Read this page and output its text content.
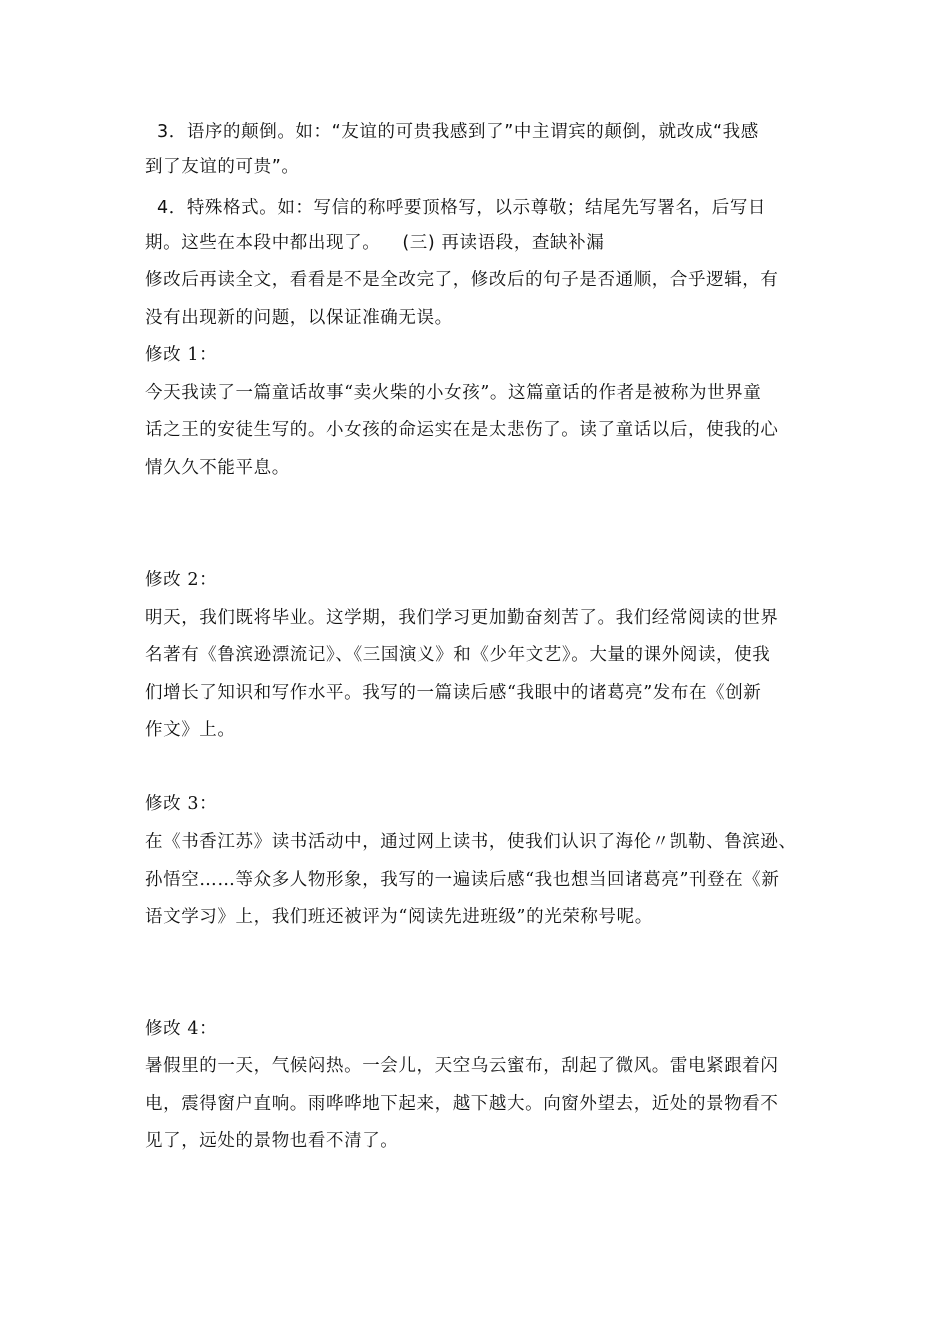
3．语序的颠倒。如：“友谊的可贵我感到了”中主谓宾的颠倒，就改成“我感
到了友谊的可贵”。
4．特殊格式。如：写信的称呼要顶格写，以示尊敬；结尾先写署名，后写日
期。这些在本段中都出现了。 (三) 再读语段，查缺补漏
修改后再读全文，看看是不是全改完了，修改后的句子是否通顺，合乎逻辑，有
没有出现新的问题，以保证准确无误。
修改 1：
今天我读了一篇童话故事“卖火柴的小女孩”。这篇童话的作者是被称为世界童
话之王的安徒生写的。小女孩的命运实在是太悲伤了。读了童话以后，使我的心
情久久不能平息。
修改 2：
明天，我们既将毕业。这学期，我们学习更加勤奋刻苦了。我们经常阅读的世界
名著有《鲁滨逊漂流记》、《三国演义》和《少年文艺》。大量的课外阅读，使我
们增长了知识和写作水平。我写的一篇读后感“我眼中的诸葛亮”发布在《创新
作文》上。
修改 3：
在《书香江苏》读书活动中，通过网上读书，使我们认识了海伦〃凯勒、鲁滨逊、
孙悟空……等众多人物形象，我写的一遍读后感“我也想当回诸葛亮”刊登在《新
语文学习》上，我们班还被评为“阅读先进班级”的光荣称号呢。
修改 4：
暑假里的一天，气候闷热。一会儿，天空乌云蜜布，刮起了微风。雷电紧跟着闪
电，震得窗户直响。雨哗哗地下起来，越下越大。向窗外望去，近处的景物看不
见了，远处的景物也看不清了。
